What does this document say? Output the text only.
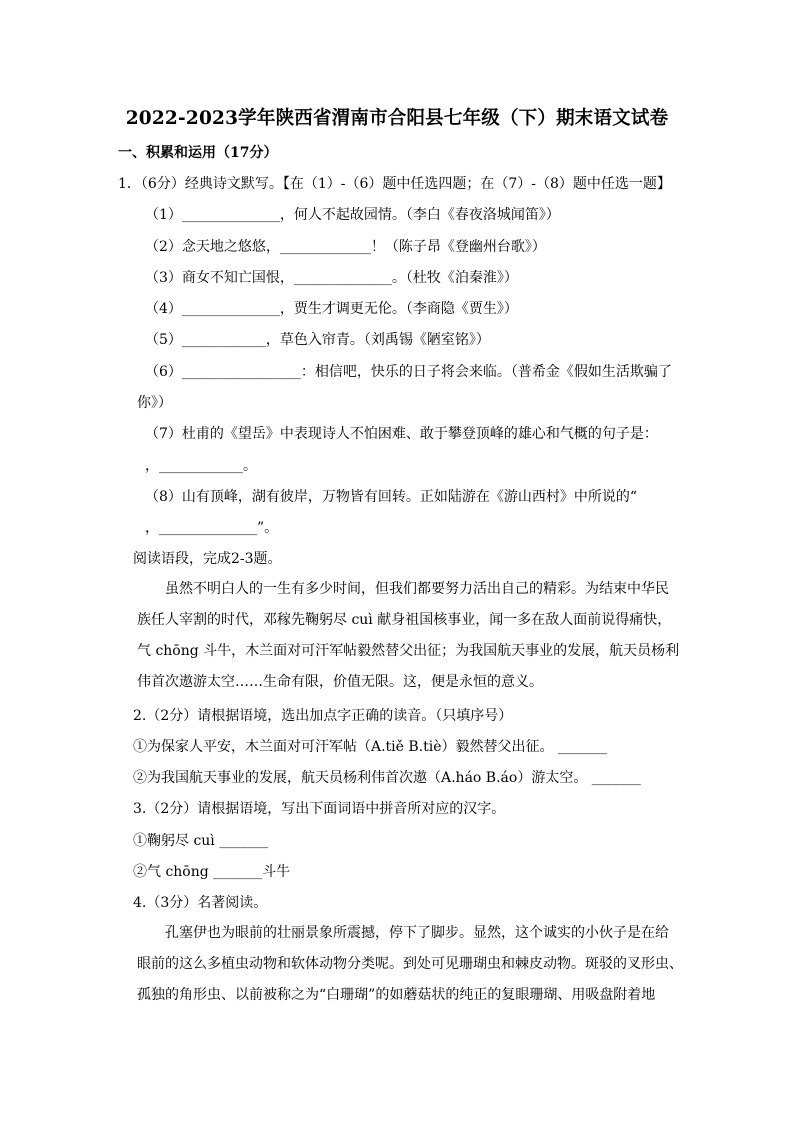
2022-2023学年陕西省渭南市合阳县七年级（下）期末语文试卷
一、积累和运用（17分）
1．（6分）经典诗文默写。【在（1）-（6）题中任选四题；在（7）-（8）题中任选一题】
（1）______________，何人不起故园情。（李白《春夜洛城闻笛》）
（2）念天地之悠悠，_____________！（陈子昂《登幽州台歌》）
（3）商女不知亡国恨，______________。（杜牧《泊秦淮》）
（4）______________，贾生才调更无伦。（李商隐《贾生》）
（5）____________，草色入帘青。（刘禹锡《陋室铭》）
（6）_________________：相信吧，快乐的日子将会来临。（普希金《假如生活欺骗了
你》）
（7）杜甫的《望岳》中表现诗人不怕困难、敢于攀登顶峰的雄心和气概的句子是：
，____________。
（8）山有顶峰，湖有彼岸，万物皆有回转。正如陆游在《游山西村》中所说的“
，______________”。
阅读语段，完成2-3题。
虽然不明白人的一生有多少时间，但我们都要努力活出自己的精彩。为结束中华民
族任人宰割的时代，邓稼先鞠躬尽 cuì 献身祖国核事业，闻一多在敌人面前说得痛快，
气 chōng 斗牛，木兰面对可汗军帖毅然替父出征；为我国航天事业的发展，航天员杨利
伟首次遨游太空……生命有限，价值无限。这，便是永恒的意义。
2.（2分）请根据语境，选出加点字正确的读音。（只填序号）
①为保家人平安，木兰面对可汗军帖（A.tiě B.tiè）毅然替父出征。 _______
②为我国航天事业的发展，航天员杨利伟首次遨（A.háo B.áo）游太空。 _______
3.（2分）请根据语境，写出下面词语中拼音所对应的汉字。
①鞠躬尽 cuì _______
②气 chōng _______斗牛
4.（3分）名著阅读。
孔塞伊也为眼前的壮丽景象所震撼，停下了脚步。显然，这个诚实的小伙子是在给
眼前的这么多植虫动物和软体动物分类呢。到处可见珊瑚虫和棘皮动物。斑驳的叉形虫、
孤独的角形虫、以前被称之为“白珊瑚”的如蘑菇状的纯正的复眼珊瑚、用吸盘附着地
